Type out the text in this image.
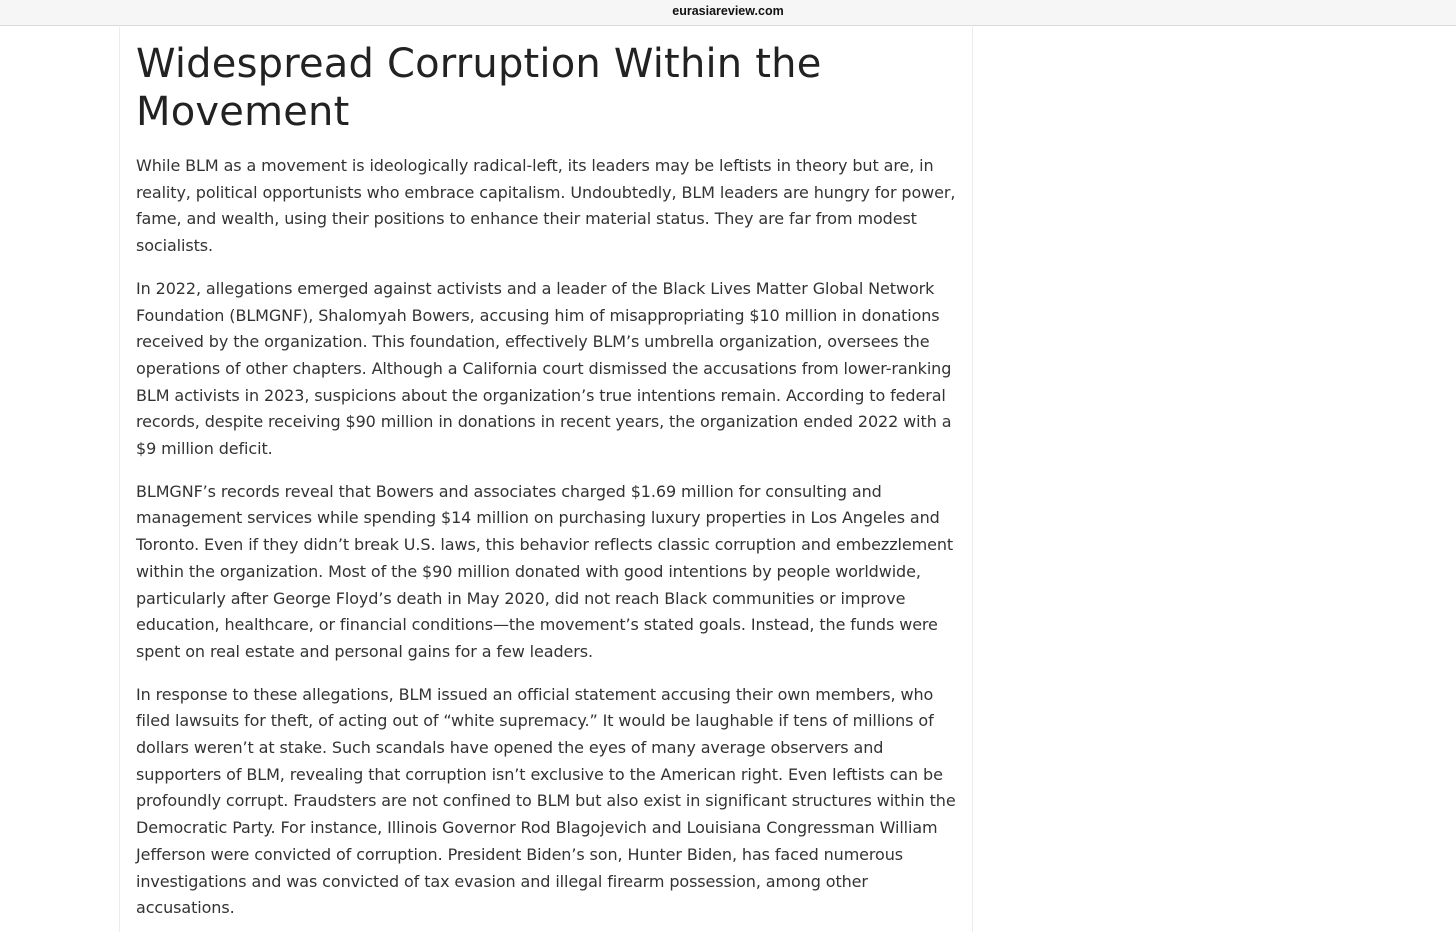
eurasiareview.com
Widespread Corruption Within the Movement

While BLM as a movement is ideologically radical-left, its leaders may be leftists in theory but are, in reality, political opportunists who embrace capitalism. Undoubtedly, BLM leaders are hungry for power, fame, and wealth, using their positions to enhance their material status. They are far from modest socialists.

In 2022, allegations emerged against activists and a leader of the Black Lives Matter Global Network Foundation (BLMGNF), Shalomyah Bowers, accusing him of misappropriating $10 million in donations received by the organization. This foundation, effectively BLM’s umbrella organization, oversees the operations of other chapters. Although a California court dismissed the accusations from lower-ranking BLM activists in 2023, suspicions about the organization’s true intentions remain. According to federal records, despite receiving $90 million in donations in recent years, the organization ended 2022 with a $9 million deficit.

BLMGNF’s records reveal that Bowers and associates charged $1.69 million for consulting and management services while spending $14 million on purchasing luxury properties in Los Angeles and Toronto. Even if they didn’t break U.S. laws, this behavior reflects classic corruption and embezzlement within the organization. Most of the $90 million donated with good intentions by people worldwide, particularly after George Floyd’s death in May 2020, did not reach Black communities or improve education, healthcare, or financial conditions—the movement’s stated goals. Instead, the funds were spent on real estate and personal gains for a few leaders.

In response to these allegations, BLM issued an official statement accusing their own members, who filed lawsuits for theft, of acting out of “white supremacy.” It would be laughable if tens of millions of dollars weren’t at stake. Such scandals have opened the eyes of many average observers and supporters of BLM, revealing that corruption isn’t exclusive to the American right. Even leftists can be profoundly corrupt. Fraudsters are not confined to BLM but also exist in significant structures within the Democratic Party. For instance, Illinois Governor Rod Blagojevich and Louisiana Congressman William Jefferson were convicted of corruption. President Biden’s son, Hunter Biden, has faced numerous investigations and was convicted of tax evasion and illegal firearm possession, among other accusations.
